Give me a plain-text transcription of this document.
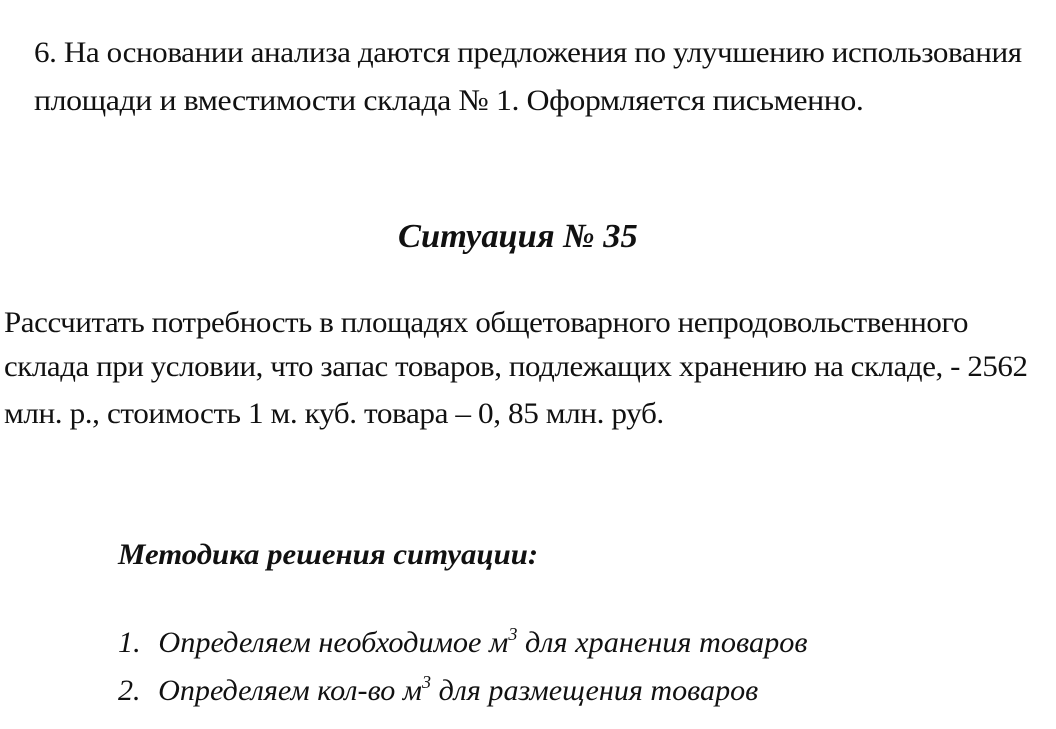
6. На основании анализа даются предложения по улучшению использования
площади и вместимости склада № 1. Оформляется письменно.
Ситуация № 35
Рассчитать потребность в площадях общетоварного непродовольственного
склада при условии, что запас товаров, подлежащих хранению на складе, - 2562
млн. р., стоимость 1 м. куб. товара – 0, 85 млн. руб.
Методика решения ситуации:
1. Определяем необходимое $м^3$ для хранения товаров
2. Определяем кол-во $м^3$ для размещения товаров
